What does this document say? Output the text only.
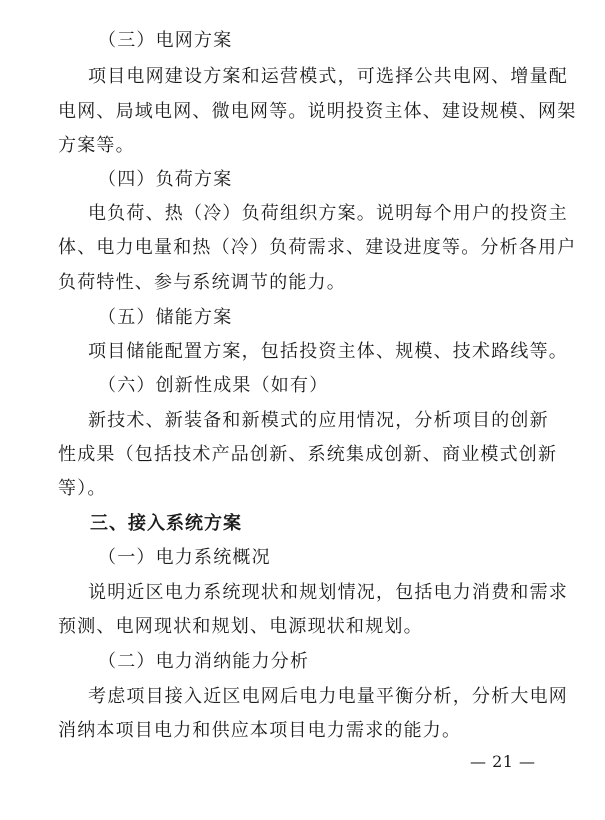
（三）电网方案
项目电网建设方案和运营模式，可选择公共电网、增量配
电网、局域电网、微电网等。说明投资主体、建设规模、网架
方案等。
（四）负荷方案
电负荷、热（冷）负荷组织方案。说明每个用户的投资主
体、电力电量和热（冷）负荷需求、建设进度等。分析各用户
负荷特性、参与系统调节的能力。
（五）储能方案
项目储能配置方案，包括投资主体、规模、技术路线等。
（六）创新性成果（如有）
新技术、新装备和新模式的应用情况，分析项目的创新
性成果（包括技术产品创新、系统集成创新、商业模式创新
等）。
三、接入系统方案
（一）电力系统概况
说明近区电力系统现状和规划情况，包括电力消费和需求
预测、电网现状和规划、电源现状和规划。
（二）电力消纳能力分析
考虑项目接入近区电网后电力电量平衡分析，分析大电网
消纳本项目电力和供应本项目电力需求的能力。
— 21 —
